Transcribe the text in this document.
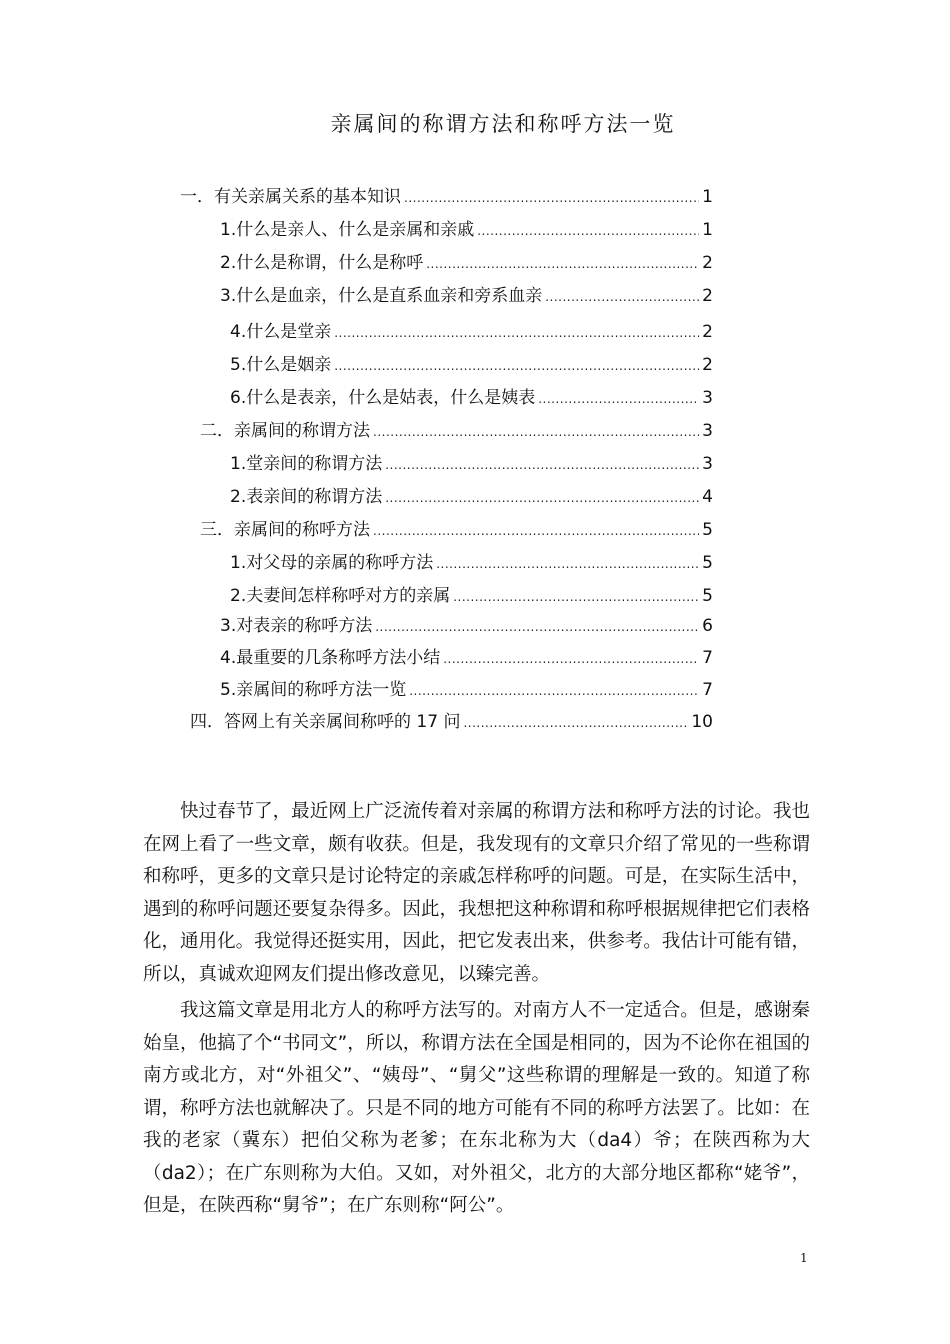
亲属间的称谓方法和称呼方法一览
一．有关亲属关系的基本知识 .....	1
1.什么是亲人、什么是亲属和亲戚 .....	1
2.什么是称谓，什么是称呼 .....	2
3.什么是血亲，什么是直系血亲和旁系血亲 .....	2
4.什么是堂亲 .....	2
5.什么是姻亲 .....	2
6.什么是表亲，什么是姑表，什么是姨表 .....	3
二．亲属间的称谓方法 .....	3
1.堂亲间的称谓方法 .....	3
2.表亲间的称谓方法 .....	4
三．亲属间的称呼方法 .....	5
1.对父母的亲属的称呼方法 .....	5
2.夫妻间怎样称呼对方的亲属 .....	5
3.对表亲的称呼方法 .....	6
4.最重要的几条称呼方法小结 .....	7
5.亲属间的称呼方法一览 .....	7
四．答网上有关亲属间称呼的 17 问 .....	10

快过春节了，最近网上广泛流传着对亲属的称谓方法和称呼方法的讨论。我也在网上看了一些文章，颇有收获。但是，我发现有的文章只介绍了常见的一些称谓和称呼，更多的文章只是讨论特定的亲戚怎样称呼的问题。可是，在实际生活中，遇到的称呼问题还要复杂得多。因此，我想把这种称谓和称呼根据规律把它们表格化，通用化。我觉得还挺实用，因此，把它发表出来，供参考。我估计可能有错，所以，真诚欢迎网友们提出修改意见，以臻完善。

我这篇文章是用北方人的称呼方法写的。对南方人不一定适合。但是，感谢秦始皇，他搞了个“书同文”，所以，称谓方法在全国是相同的，因为不论你在祖国的南方或北方，对“外祖父”、“姨母”、“舅父”这些称谓的理解是一致的。知道了称谓，称呼方法也就解决了。只是不同的地方可能有不同的称呼方法罢了。比如：在我的老家（冀东）把伯父称为老爹；在东北称为大（da4）爷；在陕西称为大（da2）；在广东则称为大伯。又如，对外祖父，北方的大部分地区都称“姥爷”，但是，在陕西称“舅爷”；在广东则称“阿公”。

1
